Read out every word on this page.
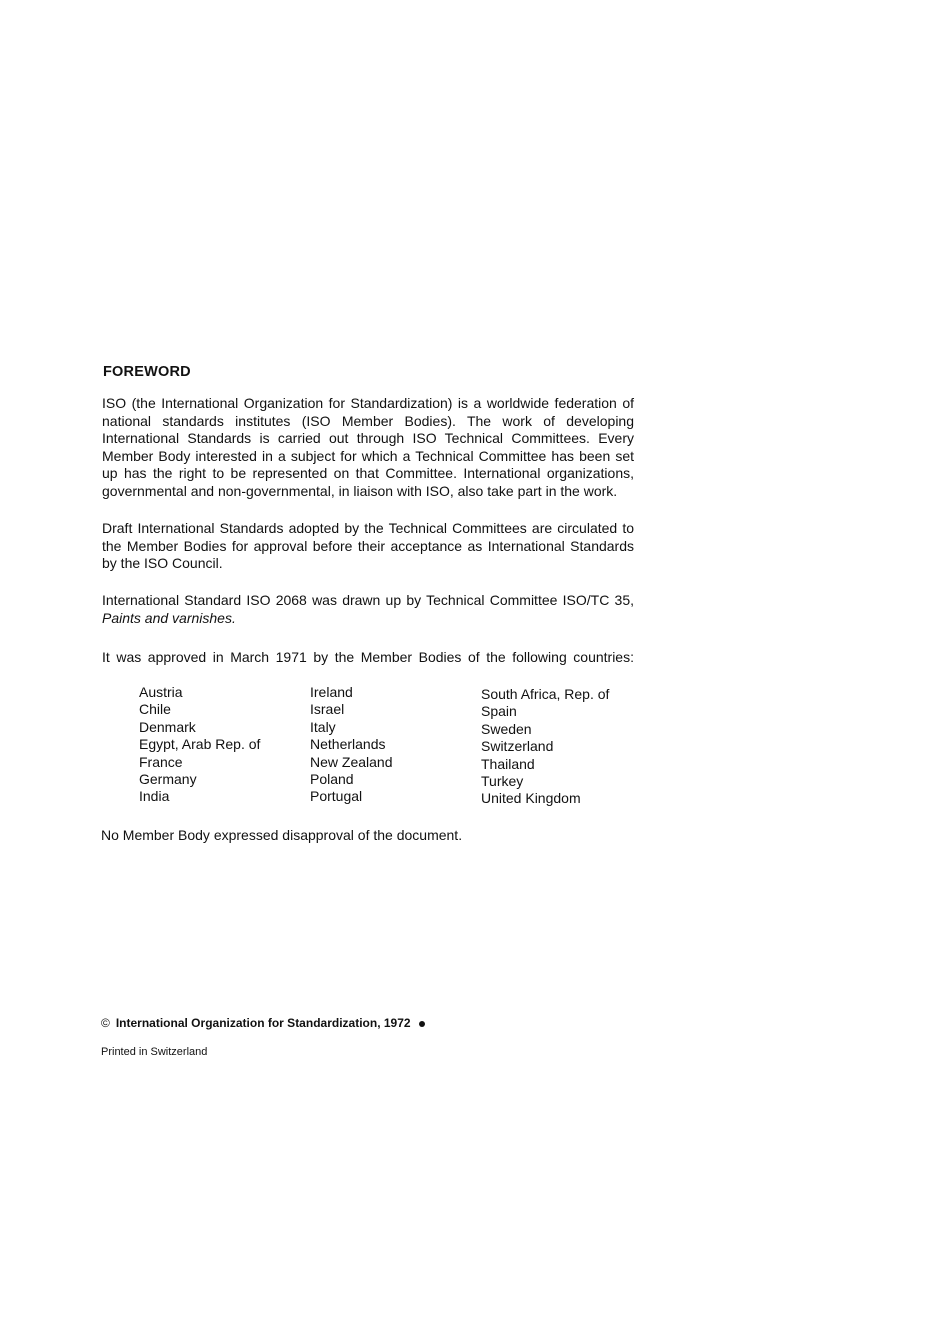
FOREWORD
ISO (the International Organization for Standardization) is a worldwide federation of national standards institutes (ISO Member Bodies). The work of developing International Standards is carried out through ISO Technical Committees. Every Member Body interested in a subject for which a Technical Committee has been set up has the right to be represented on that Committee. International organizations, governmental and non-governmental, in liaison with ISO, also take part in the work.
Draft International Standards adopted by the Technical Committees are circulated to the Member Bodies for approval before their acceptance as International Standards by the ISO Council.
International Standard ISO 2068 was drawn up by Technical Committee ISO/TC 35, Paints and varnishes.
It was approved in March 1971 by the Member Bodies of the following countries:
Austria
Chile
Denmark
Egypt, Arab Rep. of
France
Germany
India
Ireland
Israel
Italy
Netherlands
New Zealand
Poland
Portugal
South Africa, Rep. of
Spain
Sweden
Switzerland
Thailand
Turkey
United Kingdom
No Member Body expressed disapproval of the document.
© International Organization for Standardization, 1972
Printed in Switzerland
